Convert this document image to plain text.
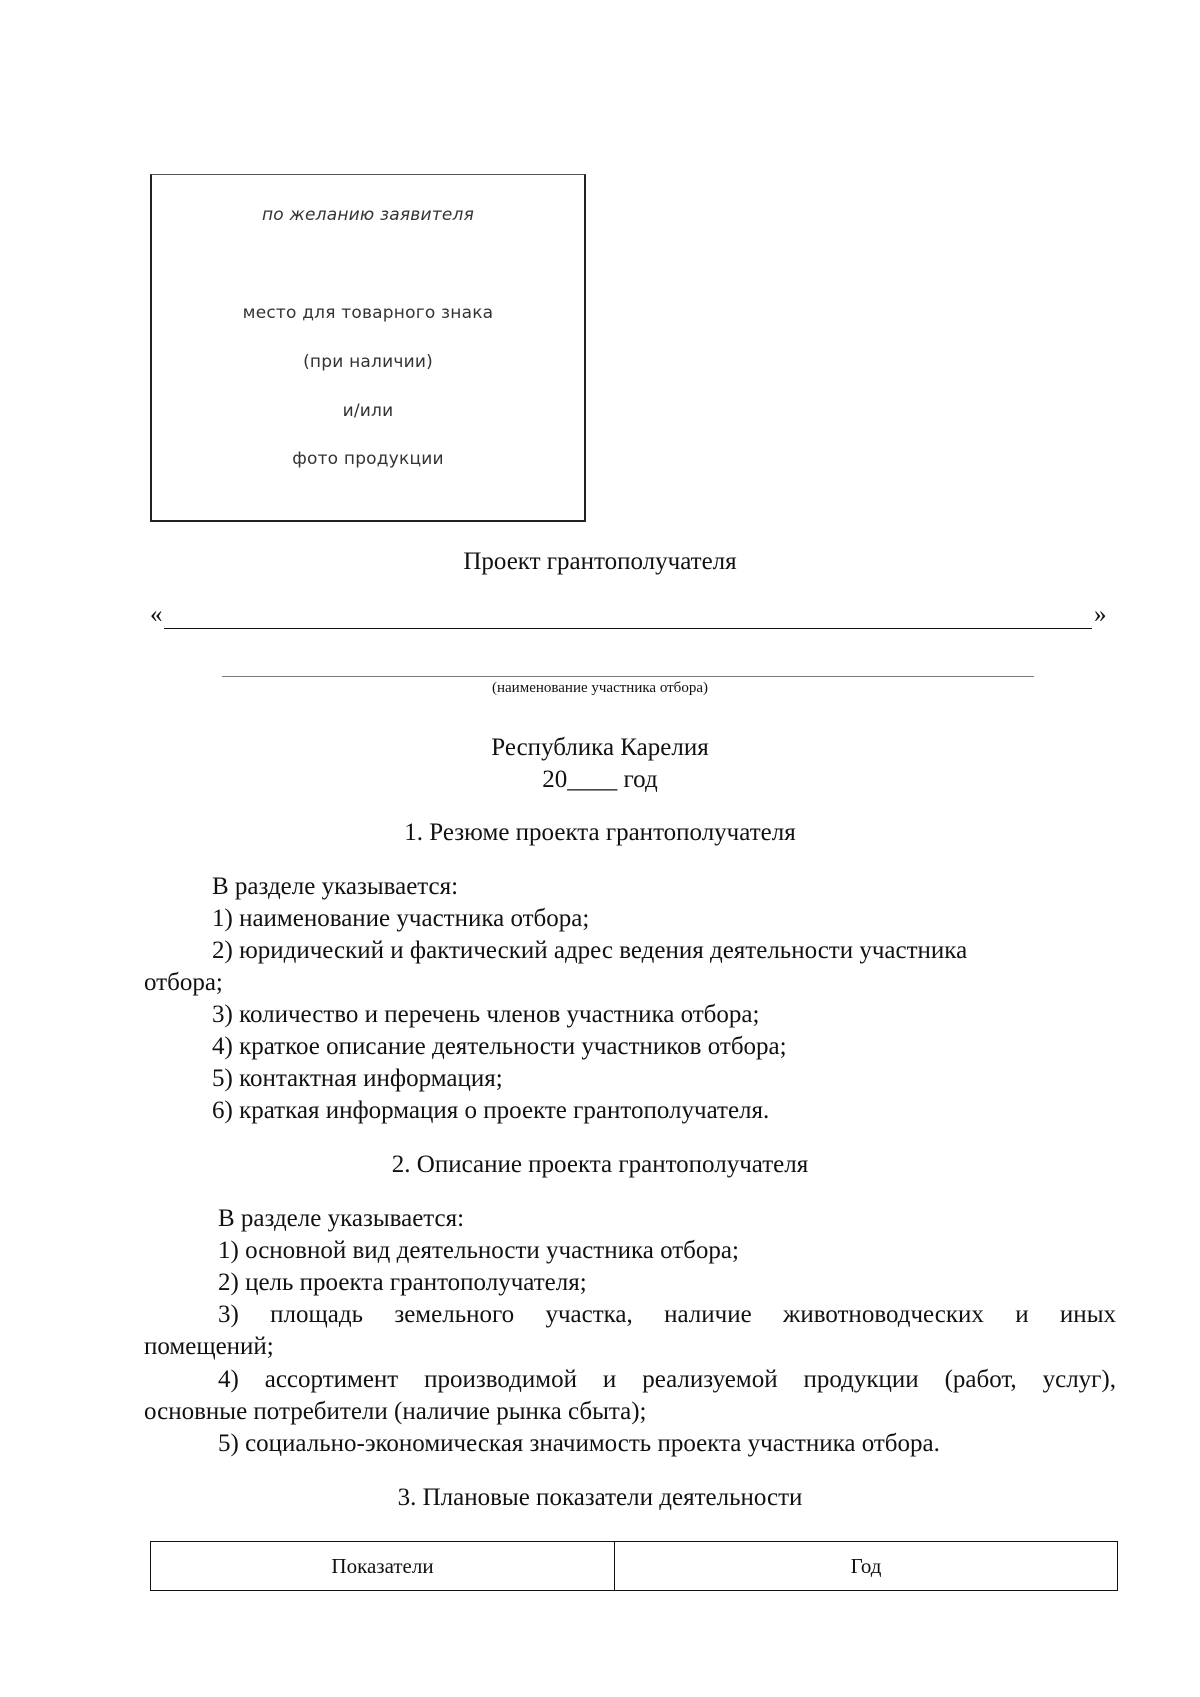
по желанию заявителя
место для товарного знака
(при наличии)
и/или
фото продукции
Проект грантополучателя
«	»
(наименование участника отбора)
Республика Карелия
20____ год
1. Резюме проекта грантополучателя
В разделе указывается:
1) наименование участника отбора;
2) юридический и фактический адрес ведения деятельности участника
отбора;
3) количество и перечень членов участника отбора;
4) краткое описание деятельности участников отбора;
5) контактная информация;
6) краткая информация о проекте грантополучателя.
2. Описание проекта грантополучателя
В разделе указывается:
1) основной вид деятельности участника отбора;
2) цель проекта грантополучателя;
3) площадь земельного участка, наличие животноводческих и иных
помещений;
4) ассортимент производимой и реализуемой продукции (работ, услуг),
основные потребители (наличие рынка сбыта);
5) социально-экономическая значимость проекта участника отбора.
3. Плановые показатели деятельности
Показатели	Год
